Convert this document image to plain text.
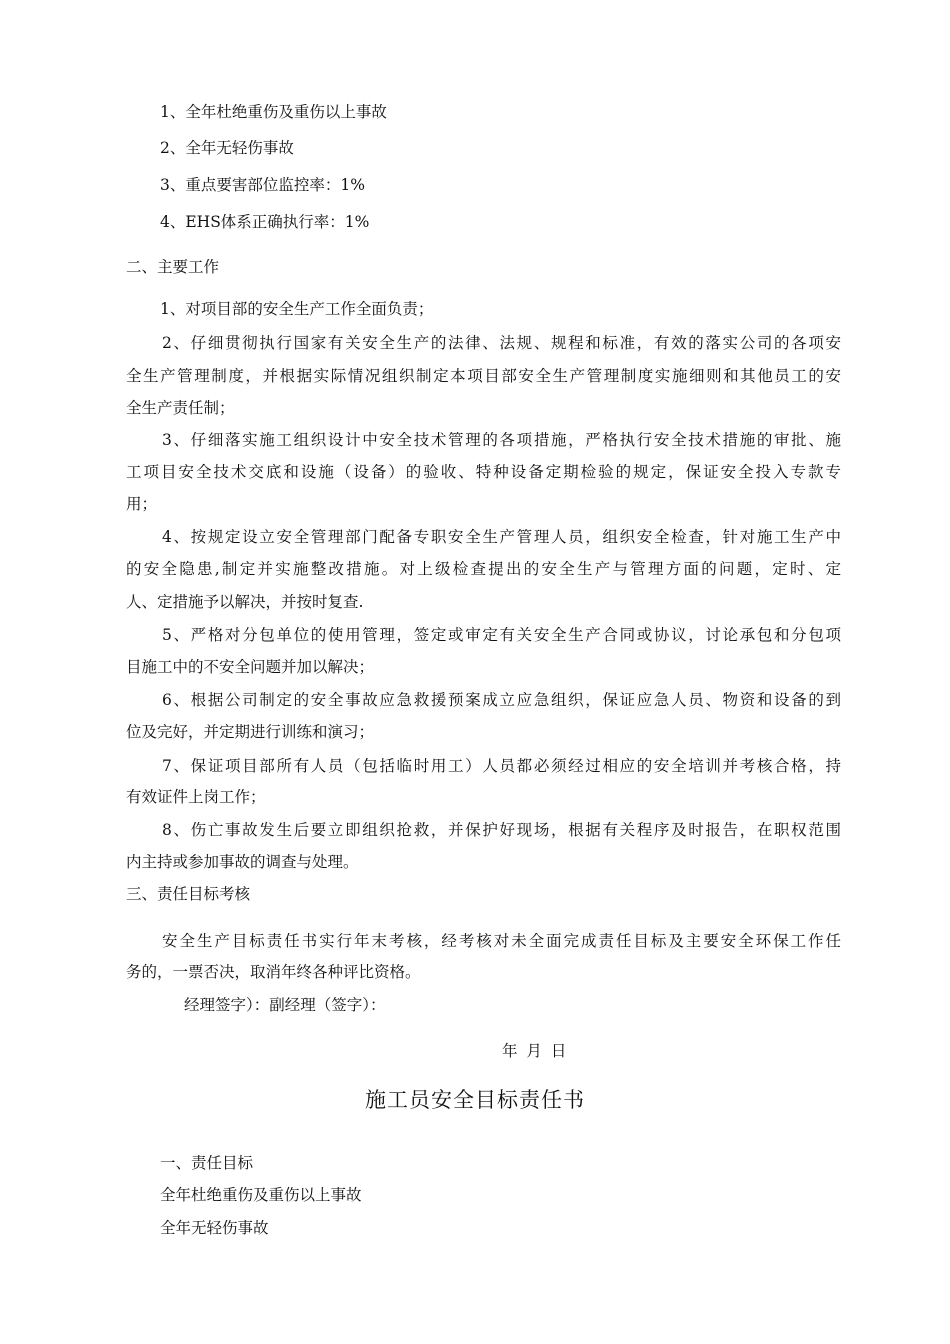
1、全年杜绝重伤及重伤以上事故
2、全年无轻伤事故
3、重点要害部位监控率：1%
4、EHS体系正确执行率：1%
二、主要工作
1、对项目部的安全生产工作全面负责；
2、仔细贯彻执行国家有关安全生产的法律、法规、规程和标准，有效的落实公司的各项安
全生产管理制度，并根据实际情况组织制定本项目部安全生产管理制度实施细则和其他员工的安
全生产责任制；
3、仔细落实施工组织设计中安全技术管理的各项措施，严格执行安全技术措施的审批、施
工项目安全技术交底和设施（设备）的验收、特种设备定期检验的规定，保证安全投入专款专
用；
4、按规定设立安全管理部门配备专职安全生产管理人员，组织安全检查，针对施工生产中
的安全隐患,制定并实施整改措施。对上级检查提出的安全生产与管理方面的问题，定时、定
人、定措施予以解决，并按时复查.
5、严格对分包单位的使用管理，签定或审定有关安全生产合同或协议，讨论承包和分包项
目施工中的不安全问题并加以解决；
6、根据公司制定的安全事故应急救援预案成立应急组织，保证应急人员、物资和设备的到
位及完好，并定期进行训练和演习；
7、保证项目部所有人员（包括临时用工）人员都必须经过相应的安全培训并考核合格，持
有效证件上岗工作；
8、伤亡事故发生后要立即组织抢救，并保护好现场，根据有关程序及时报告，在职权范围
内主持或参加事故的调查与处理。
三、责任目标考核
安全生产目标责任书实行年末考核，经考核对未全面完成责任目标及主要安全环保工作任
务的，一票否决，取消年终各种评比资格。
经理签字）：副经理（签字）：
年 月 日
施工员安全目标责任书
一、责任目标
全年杜绝重伤及重伤以上事故
全年无轻伤事故
